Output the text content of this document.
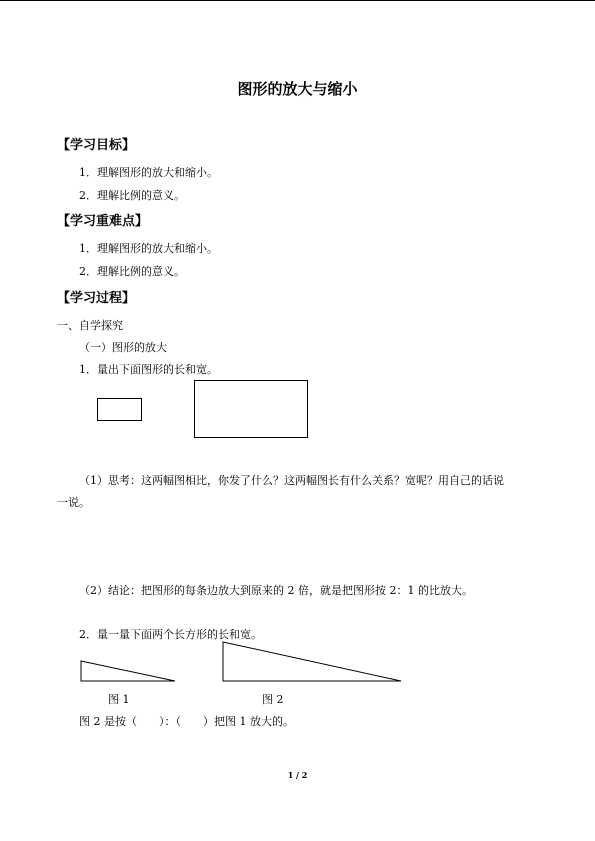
图形的放大与缩小
【学习目标】
1．理解图形的放大和缩小。
2．理解比例的意义。
【学习重难点】
1．理解图形的放大和缩小。
2．理解比例的意义。
【学习过程】
一、自学探究
（一）图形的放大
1．量出下面图形的长和宽。
（1）思考：这两幅图相比，你发了什么？这两幅图长有什么关系？宽呢？用自己的话说
一说。
（2）结论：把图形的每条边放大到原来的 2 倍，就是把图形按 2：1 的比放大。
2．量一量下面两个长方形的长和宽。
图 1	图 2
图 2 是按（　　）：（　　）把图 1 放大的。
1 / 2
